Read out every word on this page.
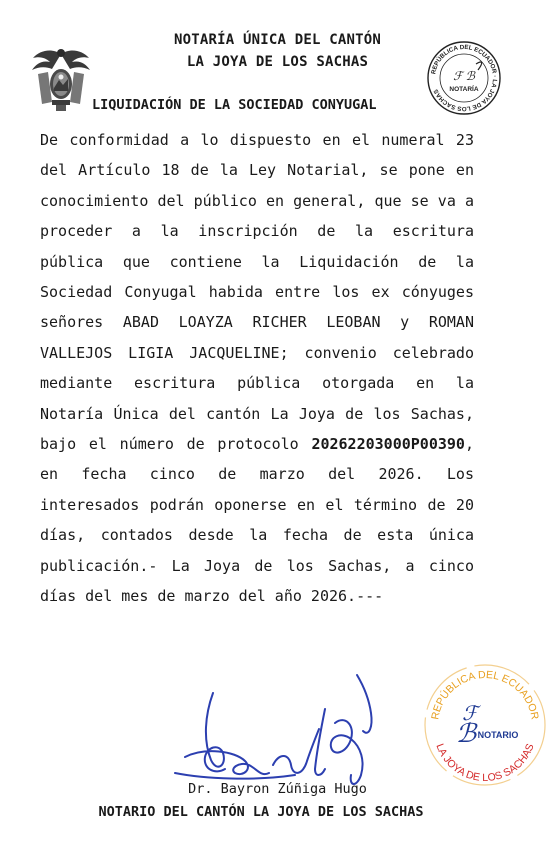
NOTARÍA ÚNICA DEL CANTÓN
LA JOYA DE LOS SACHAS
REPÚBLICA DEL ECUADOR · LA JOYA DE LOS SACHAS
ℱ ℬ
NOTARÍA
LIQUIDACIÓN DE LA SOCIEDAD CONYUGAL
De conformidad a lo dispuesto en el numeral 23 del Artículo 18 de la Ley Notarial, se pone en conocimiento del público en general, que se va a proceder a la inscripción de la escritura pública que contiene la Liquidación de la Sociedad Conyugal habida entre los ex cónyuges señores ABAD LOAYZA RICHER LEOBAN y ROMAN VALLEJOS LIGIA JACQUELINE; convenio celebrado mediante escritura pública otorgada en la Notaría Única del cantón La Joya de los Sachas, bajo el número de protocolo 20262203000P00390, en fecha cinco de marzo del 2026. Los interesados podrán oponerse en el término de 20 días, contados desde la fecha de esta única publicación.- La Joya de los Sachas, a cinco días del mes de marzo del año 2026.---
REPÚBLICA DEL ECUADOR
LA JOYA DE LOS SACHAS
ℱ
ℬ NOTARIO
Dr. Bayron Zúñiga Hugo
NOTARIO DEL CANTÓN LA JOYA DE LOS SACHAS
